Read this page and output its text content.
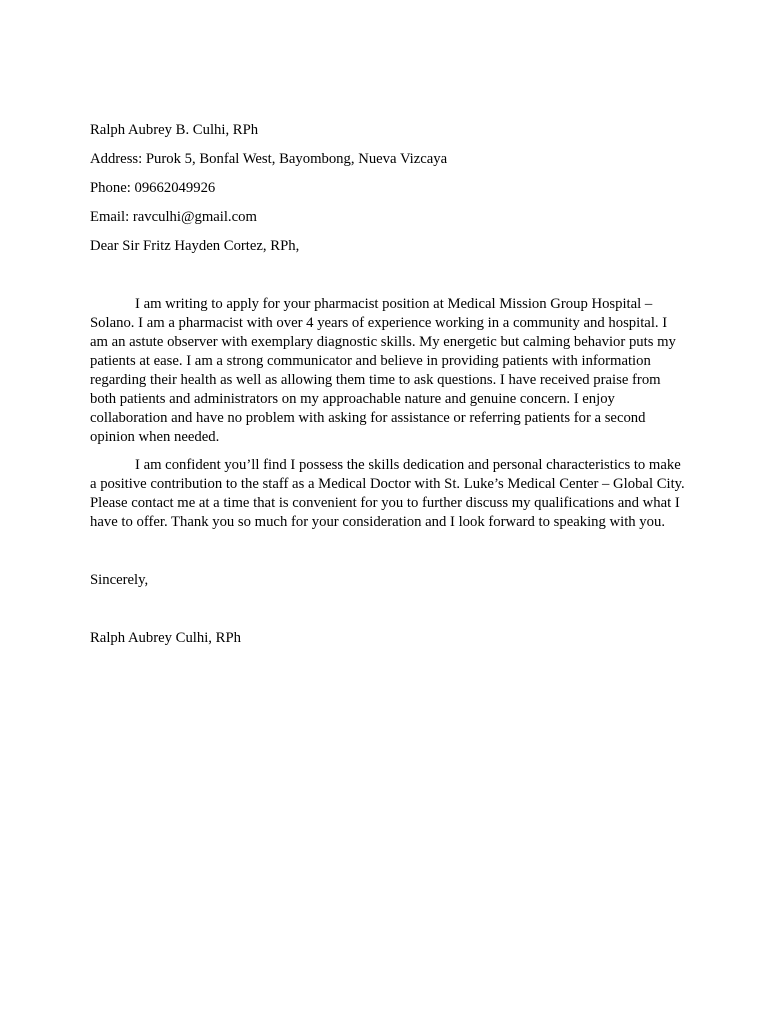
Ralph Aubrey B. Culhi, RPh

Address: Purok 5, Bonfal West, Bayombong, Nueva Vizcaya

Phone: 09662049926

Email: ravculhi@gmail.com

Dear Sir Fritz Hayden Cortez, RPh,

I am writing to apply for your pharmacist position at Medical Mission Group Hospital – Solano. I am a pharmacist with over 4 years of experience working in a community and hospital. I am an astute observer with exemplary diagnostic skills. My energetic but calming behavior puts my patients at ease. I am a strong communicator and believe in providing patients with information regarding their health as well as allowing them time to ask questions. I have received praise from both patients and administrators on my approachable nature and genuine concern. I enjoy collaboration and have no problem with asking for assistance or referring patients for a second opinion when needed.

I am confident you’ll find I possess the skills dedication and personal characteristics to make a positive contribution to the staff as a Medical Doctor with St. Luke’s Medical Center – Global City. Please contact me at a time that is convenient for you to further discuss my qualifications and what I have to offer. Thank you so much for your consideration and I look forward to speaking with you.

Sincerely,

Ralph Aubrey Culhi, RPh
